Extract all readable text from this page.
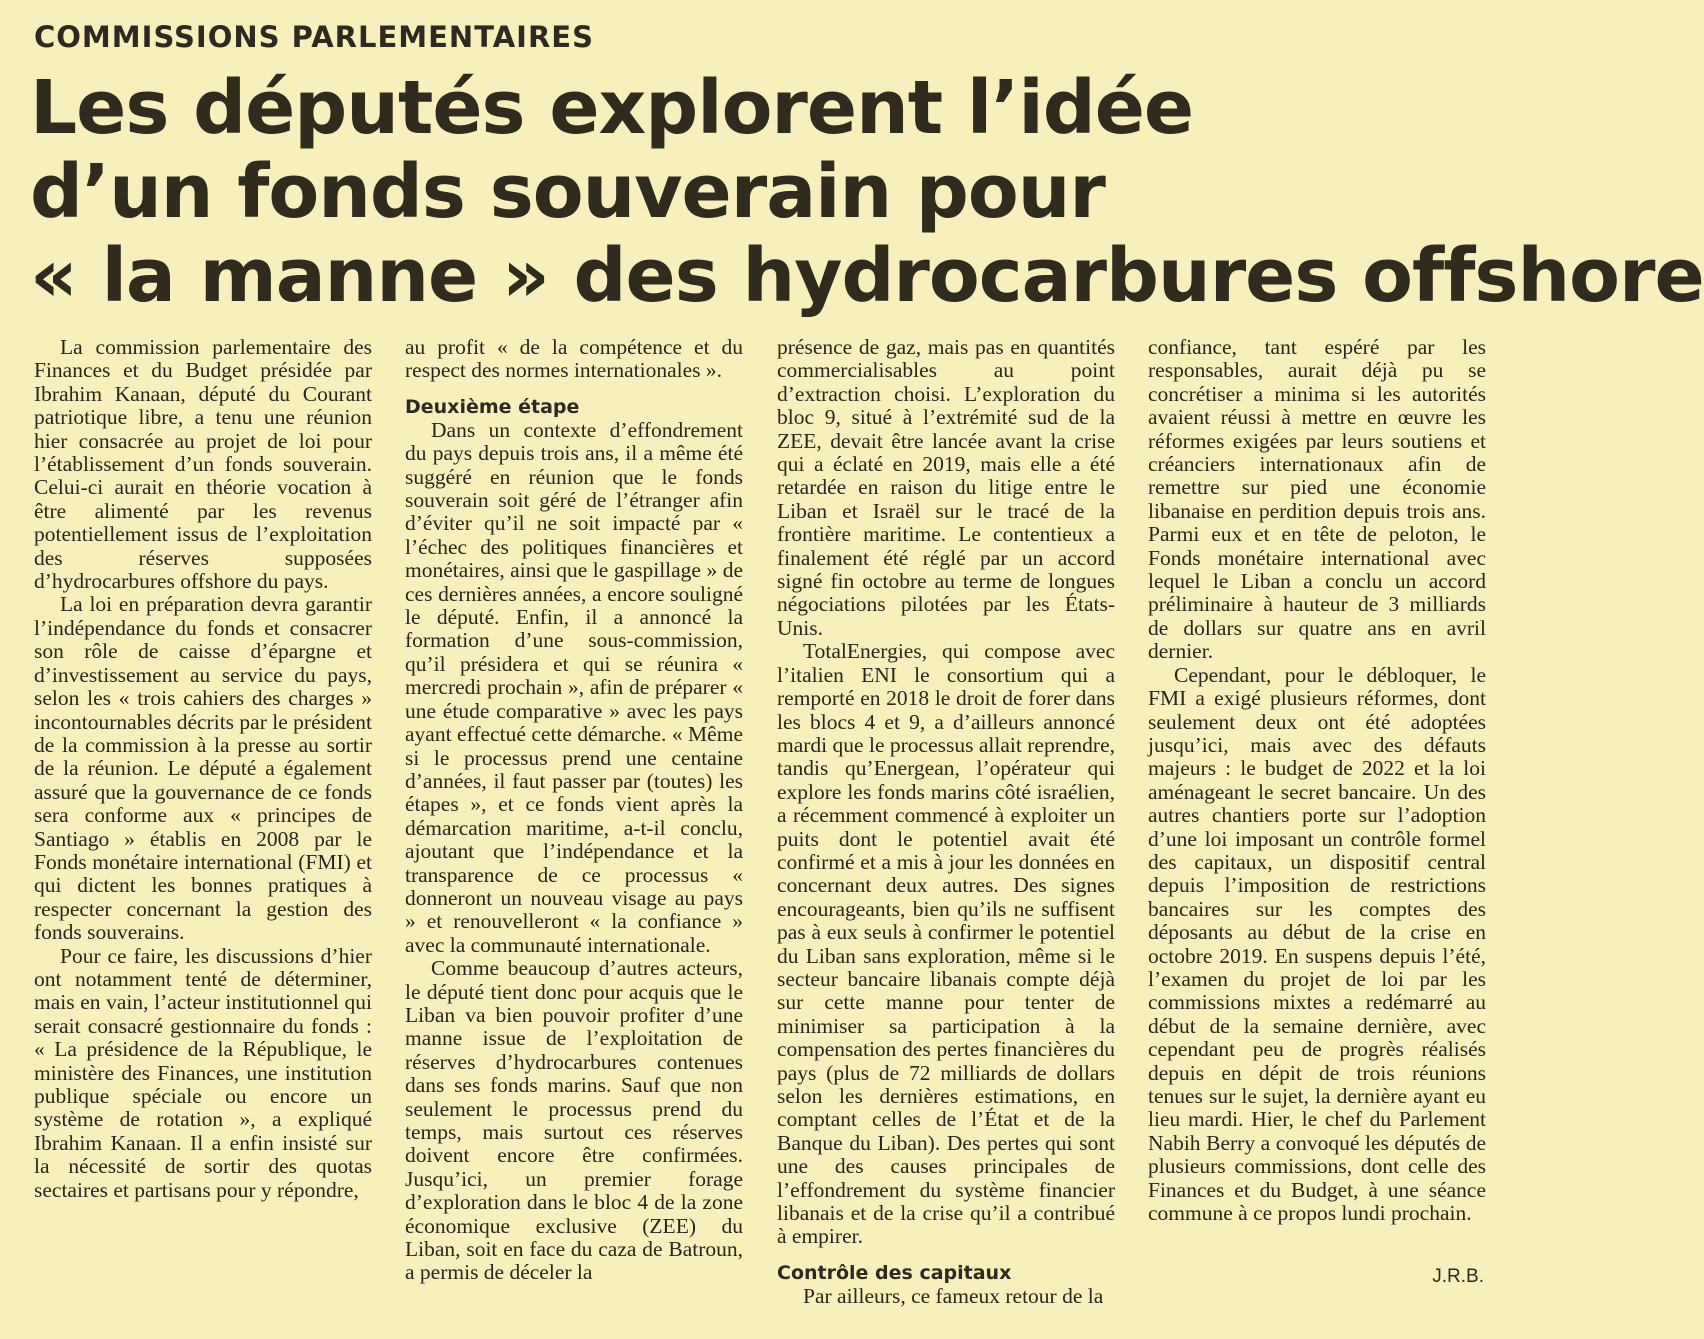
COMMISSIONS PARLEMENTAIRES
Les députés explorent l’idée
d’un fonds souverain pour
« la manne » des hydrocarbures offshore

La commission parlementaire des Finances et du Budget présidée par Ibrahim Kanaan, député du Courant patriotique libre, a tenu une réunion hier consacrée au projet de loi pour l’établissement d’un fonds souverain. Celui-ci aurait en théorie vocation à être alimenté par les revenus potentiellement issus de l’exploitation des réserves supposées d’hydrocarbures offshore du pays.

La loi en préparation devra garantir l’indépendance du fonds et consacrer son rôle de caisse d’épargne et d’investissement au service du pays, selon les « trois cahiers des charges » incontournables décrits par le président de la commission à la presse au sortir de la réunion. Le député a également assuré que la gouvernance de ce fonds sera conforme aux « principes de Santiago » établis en 2008 par le Fonds monétaire international (FMI) et qui dictent les bonnes pratiques à respecter concernant la gestion des fonds souverains.

Pour ce faire, les discussions d’hier ont notamment tenté de déterminer, mais en vain, l’acteur institutionnel qui serait consacré gestionnaire du fonds : « La présidence de la République, le ministère des Finances, une institution publique spéciale ou encore un système de rotation », a expliqué Ibrahim Kanaan. Il a enfin insisté sur la nécessité de sortir des quotas sectaires et partisans pour y répondre,

au profit « de la compétence et du respect des normes internationales ».

Deuxième étape

Dans un contexte d’effondrement du pays depuis trois ans, il a même été suggéré en réunion que le fonds souverain soit géré de l’étranger afin d’éviter qu’il ne soit impacté par « l’échec des politiques financières et monétaires, ainsi que le gaspillage » de ces dernières années, a encore souligné le député. Enfin, il a annoncé la formation d’une sous-commission, qu’il présidera et qui se réunira « mercredi prochain », afin de préparer « une étude comparative » avec les pays ayant effectué cette démarche. « Même si le processus prend une centaine d’années, il faut passer par (toutes) les étapes », et ce fonds vient après la démarcation maritime, a-t-il conclu, ajoutant que l’indépendance et la transparence de ce processus « donneront un nouveau visage au pays » et renouvelleront « la confiance » avec la communauté internationale.

Comme beaucoup d’autres acteurs, le député tient donc pour acquis que le Liban va bien pouvoir profiter d’une manne issue de l’exploitation de réserves d’hydrocarbures contenues dans ses fonds marins. Sauf que non seulement le processus prend du temps, mais surtout ces réserves doivent encore être confirmées. Jusqu’ici, un premier forage d’exploration dans le bloc 4 de la zone économique exclusive (ZEE) du Liban, soit en face du caza de Batroun, a permis de déceler la

présence de gaz, mais pas en quantités commercialisables au point d’extraction choisi. L’exploration du bloc 9, situé à l’extrémité sud de la ZEE, devait être lancée avant la crise qui a éclaté en 2019, mais elle a été retardée en raison du litige entre le Liban et Israël sur le tracé de la frontière maritime. Le contentieux a finalement été réglé par un accord signé fin octobre au terme de longues négociations pilotées par les États-Unis.

TotalEnergies, qui compose avec l’italien ENI le consortium qui a remporté en 2018 le droit de forer dans les blocs 4 et 9, a d’ailleurs annoncé mardi que le processus allait reprendre, tandis qu’Energean, l’opérateur qui explore les fonds marins côté israélien, a récemment commencé à exploiter un puits dont le potentiel avait été confirmé et a mis à jour les données en concernant deux autres. Des signes encourageants, bien qu’ils ne suffisent pas à eux seuls à confirmer le potentiel du Liban sans exploration, même si le secteur bancaire libanais compte déjà sur cette manne pour tenter de minimiser sa participation à la compensation des pertes financières du pays (plus de 72 milliards de dollars selon les dernières estimations, en comptant celles de l’État et de la Banque du Liban). Des pertes qui sont une des causes principales de l’effondrement du système financier libanais et de la crise qu’il a contribué à empirer.

Contrôle des capitaux

Par ailleurs, ce fameux retour de la

confiance, tant espéré par les responsables, aurait déjà pu se concrétiser a minima si les autorités avaient réussi à mettre en œuvre les réformes exigées par leurs soutiens et créanciers internationaux afin de remettre sur pied une économie libanaise en perdition depuis trois ans. Parmi eux et en tête de peloton, le Fonds monétaire international avec lequel le Liban a conclu un accord préliminaire à hauteur de 3 milliards de dollars sur quatre ans en avril dernier.

Cependant, pour le débloquer, le FMI a exigé plusieurs réformes, dont seulement deux ont été adoptées jusqu’ici, mais avec des défauts majeurs : le budget de 2022 et la loi aménageant le secret bancaire. Un des autres chantiers porte sur l’adoption d’une loi imposant un contrôle formel des capitaux, un dispositif central depuis l’imposition de restrictions bancaires sur les comptes des déposants au début de la crise en octobre 2019. En suspens depuis l’été, l’examen du projet de loi par les commissions mixtes a redémarré au début de la semaine dernière, avec cependant peu de progrès réalisés depuis en dépit de trois réunions tenues sur le sujet, la dernière ayant eu lieu mardi. Hier, le chef du Parlement Nabih Berry a convoqué les députés de plusieurs commissions, dont celle des Finances et du Budget, à une séance commune à ce propos lundi prochain.

J.R.B.
